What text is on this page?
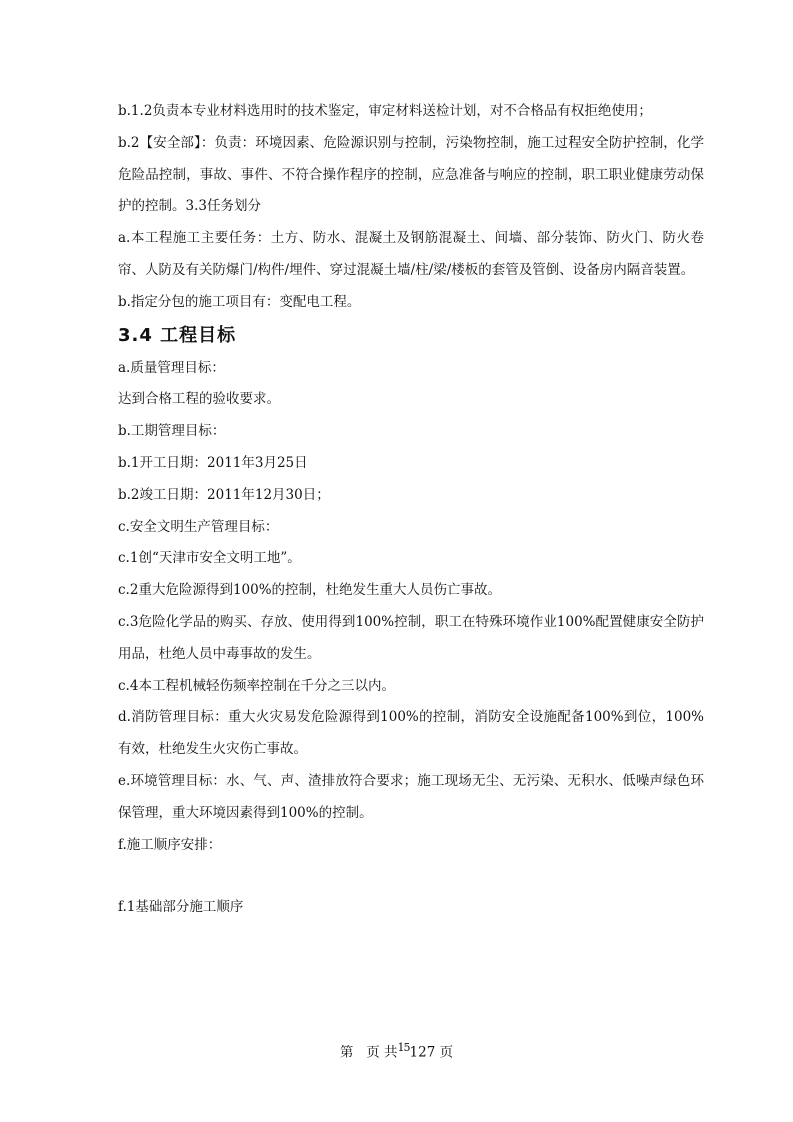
b.1.2负责本专业材料选用时的技术鉴定，审定材料送检计划，对不合格品有权拒绝使用；

b.2【安全部】：负责：环境因素、危险源识别与控制，污染物控制，施工过程安全防护控制，化学危险品控制，事故、事件、不符合操作程序的控制，应急准备与响应的控制，职工职业健康劳动保护的控制。3.3任务划分

a.本工程施工主要任务：土方、防水、混凝土及钢筋混凝土、间墙、部分装饰、防火门、防火卷帘、人防及有关防爆门/构件/埋件、穿过混凝土墙/柱/梁/楼板的套管及管倒、设备房内隔音装置。

b.指定分包的施工项目有：变配电工程。

3.4 工程目标

a.质量管理目标：

达到合格工程的验收要求。

b.工期管理目标：

b.1开工日期：2011年3月25日

b.2竣工日期：2011年12月30日；

c.安全文明生产管理目标：

c.1创“天津市安全文明工地”。

c.2重大危险源得到100%的控制，杜绝发生重大人员伤亡事故。

c.3危险化学品的购买、存放、使用得到100%控制，职工在特殊环境作业100%配置健康安全防护用品，杜绝人员中毒事故的发生。

c.4本工程机械轻伤频率控制在千分之三以内。

d.消防管理目标：重大火灾易发危险源得到100%的控制，消防安全设施配备100%到位，100%有效，杜绝发生火灾伤亡事故。

e.环境管理目标：水、气、声、渣排放符合要求；施工现场无尘、无污染、无积水、低噪声绿色环保管理，重大环境因素得到100%的控制。

f.施工顺序安排：

f.1基础部分施工顺序

第 页 共$^{15}$127 页
